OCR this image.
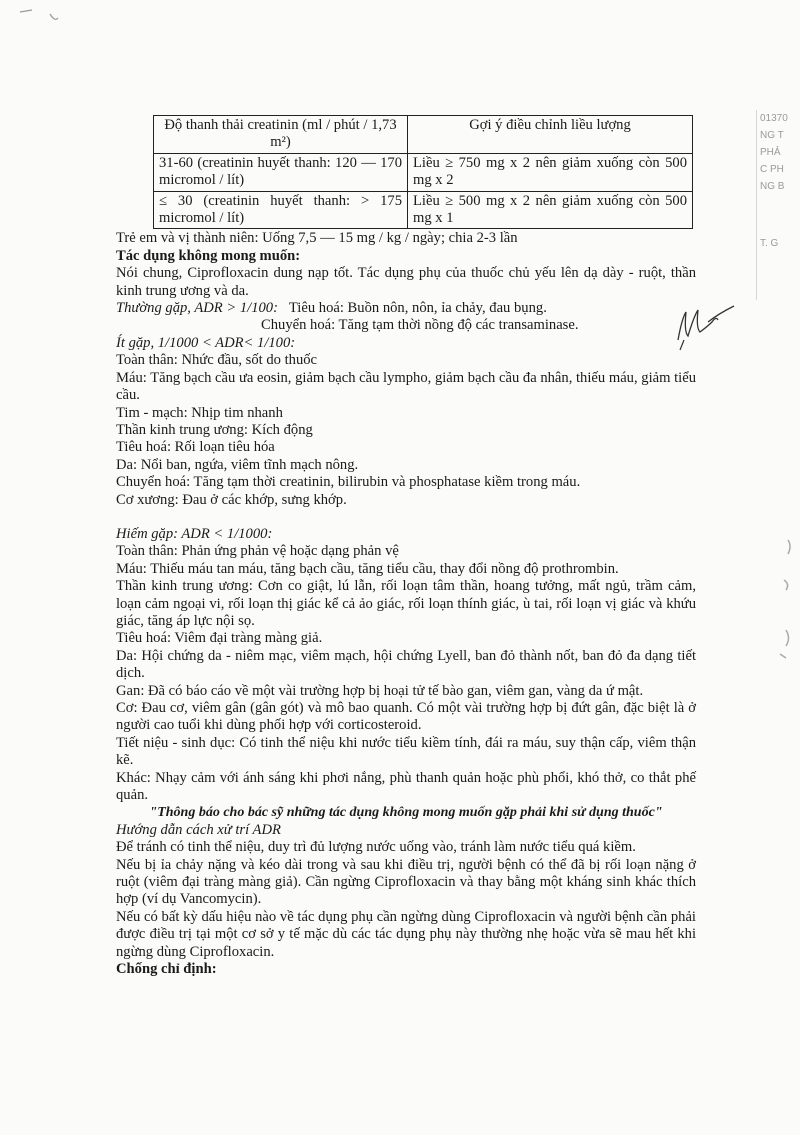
01370
NG T
PHẢ
C PH
NG B
T. G
Độ thanh thải creatinin (ml / phút / 1,73 m²)	Gợi ý điều chỉnh liều lượng
31-60 (creatinin huyết thanh: 120 — 170 micromol / lít)	Liều ≥ 750 mg x 2 nên giảm xuống còn 500 mg x 2
≤ 30 (creatinin huyết thanh: > 175 micromol / lít)	Liều ≥ 500 mg x 2 nên giảm xuống còn 500 mg x 1

Trẻ em và vị thành niên: Uống 7,5 — 15 mg / kg / ngày; chia 2-3 lần

Tác dụng không mong muốn:

Nói chung, Ciprofloxacin dung nạp tốt. Tác dụng phụ của thuốc chủ yếu lên dạ dày - ruột, thần kinh trung ương và da.

Thường gặp, ADR > 1/100: Tiêu hoá: Buồn nôn, nôn, ỉa chảy, đau bụng.

Chuyển hoá: Tăng tạm thời nồng độ các transaminase.

Ít gặp, 1/1000 < ADR< 1/100:

Toàn thân: Nhức đầu, sốt do thuốc

Máu: Tăng bạch cầu ưa eosin, giảm bạch cầu lympho, giảm bạch cầu đa nhân, thiếu máu, giảm tiểu cầu.

Tim - mạch: Nhịp tim nhanh

Thần kinh trung ương: Kích động

Tiêu hoá: Rối loạn tiêu hóa

Da: Nổi ban, ngứa, viêm tĩnh mạch nông.

Chuyển hoá: Tăng tạm thời creatinin, bilirubin và phosphatase kiềm trong máu.

Cơ xương: Đau ở các khớp, sưng khớp.

Hiếm gặp: ADR < 1/1000:

Toàn thân: Phản ứng phản vệ hoặc dạng phản vệ

Máu: Thiếu máu tan máu, tăng bạch cầu, tăng tiểu cầu, thay đổi nồng độ prothrombin.

Thần kinh trung ương: Cơn co giật, lú lẫn, rối loạn tâm thần, hoang tưởng, mất ngủ, trầm cảm, loạn cảm ngoại vi, rối loạn thị giác kể cả ảo giác, rối loạn thính giác, ù tai, rối loạn vị giác và khứu giác, tăng áp lực nội sọ.

Tiêu hoá: Viêm đại tràng màng giả.

Da: Hội chứng da - niêm mạc, viêm mạch, hội chứng Lyell, ban đỏ thành nốt, ban đỏ đa dạng tiết dịch.

Gan: Đã có báo cáo về một vài trường hợp bị hoại tử tế bào gan, viêm gan, vàng da ứ mật.

Cơ: Đau cơ, viêm gân (gân gót) và mô bao quanh. Có một vài trường hợp bị đứt gân, đặc biệt là ở người cao tuổi khi dùng phối hợp với corticosteroid.

Tiết niệu - sinh dục: Có tinh thể niệu khi nước tiểu kiềm tính, đái ra máu, suy thận cấp, viêm thận kẽ.

Khác: Nhạy cảm với ánh sáng khi phơi nắng, phù thanh quản hoặc phù phổi, khó thở, co thắt phế quản.

"Thông báo cho bác sỹ những tác dụng không mong muốn gặp phải khi sử dụng thuốc"

Hướng dẫn cách xử trí ADR

Để tránh có tinh thể niệu, duy trì đủ lượng nước uống vào, tránh làm nước tiểu quá kiềm.

Nếu bị ỉa chảy nặng và kéo dài trong và sau khi điều trị, người bệnh có thể đã bị rối loạn nặng ở ruột (viêm đại tràng màng giả). Cần ngừng Ciprofloxacin và thay bằng một kháng sinh khác thích hợp (ví dụ Vancomycin).

Nếu có bất kỳ dấu hiệu nào về tác dụng phụ cần ngừng dùng Ciprofloxacin và người bệnh cần phải được điều trị tại một cơ sở y tế mặc dù các tác dụng phụ này thường nhẹ hoặc vừa sẽ mau hết khi ngừng dùng Ciprofloxacin.

Chống chỉ định:
